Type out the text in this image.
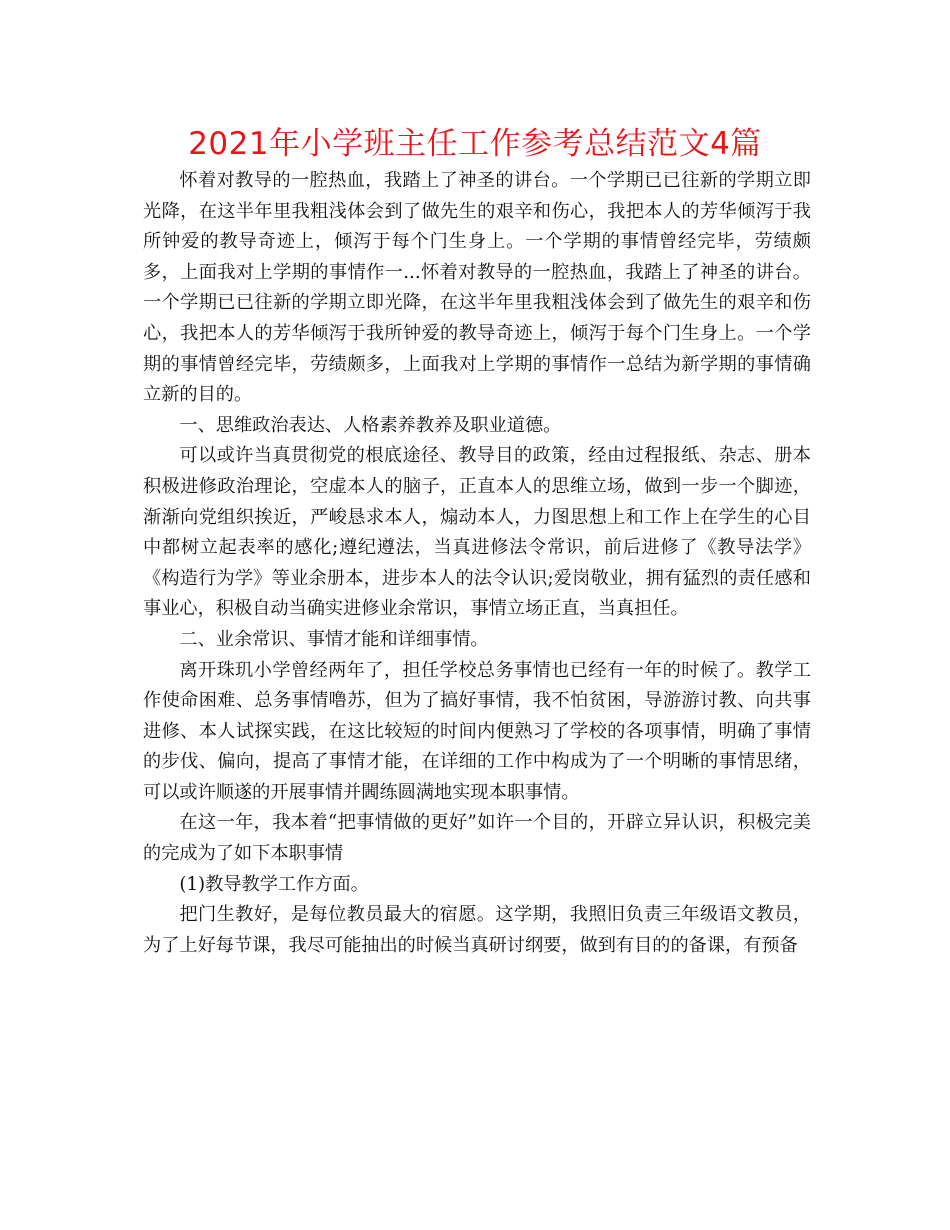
2021年小学班主任工作参考总结范文4篇

怀着对教导的一腔热血，我踏上了神圣的讲台。一个学期已已往新的学期立即光降，在这半年里我粗浅体会到了做先生的艰辛和伤心，我把本人的芳华倾泻于我所钟爱的教导奇迹上，倾泻于每个门生身上。一个学期的事情曾经完毕，劳绩颇多，上面我对上学期的事情作一...怀着对教导的一腔热血，我踏上了神圣的讲台。一个学期已已往新的学期立即光降，在这半年里我粗浅体会到了做先生的艰辛和伤心，我把本人的芳华倾泻于我所钟爱的教导奇迹上，倾泻于每个门生身上。一个学期的事情曾经完毕，劳绩颇多，上面我对上学期的事情作一总结为新学期的事情确立新的目的。

一、思维政治表达、人格素养教养及职业道德。

可以或许当真贯彻党的根底途径、教导目的政策，经由过程报纸、杂志、册本积极进修政治理论，空虚本人的脑子，正直本人的思维立场，做到一步一个脚迹，渐渐向党组织挨近，严峻恳求本人，煽动本人，力图思想上和工作上在学生的心目中都树立起表率的感化;遵纪遵法，当真进修法令常识，前后进修了《教导法学》《构造行为学》等业余册本，进步本人的法令认识;爱岗敬业，拥有猛烈的责任感和事业心，积极自动当确实进修业余常识，事情立场正直，当真担任。

二、业余常识、事情才能和详细事情。

离开珠玑小学曾经两年了，担任学校总务事情也已经有一年的时候了。教学工作使命困难、总务事情噜苏，但为了搞好事情，我不怕贫困，导游游讨教、向共事进修、本人试探实践，在这比较短的时间内便熟习了学校的各项事情，明确了事情的步伐、偏向，提高了事情才能，在详细的工作中构成为了一个明晰的事情思绪，可以或许顺遂的开展事情并閪练圆满地实现本职事情。

在这一年，我本着“把事情做的更好”如许一个目的，开辟立异认识，积极完美的完成为了如下本职事情

(1)教导教学工作方面。

把门生教好，是每位教员最大的宿愿。这学期，我照旧负责三年级语文教员，为了上好每节课，我尽可能抽出的时候当真研讨纲要，做到有目的的备课，有预备
